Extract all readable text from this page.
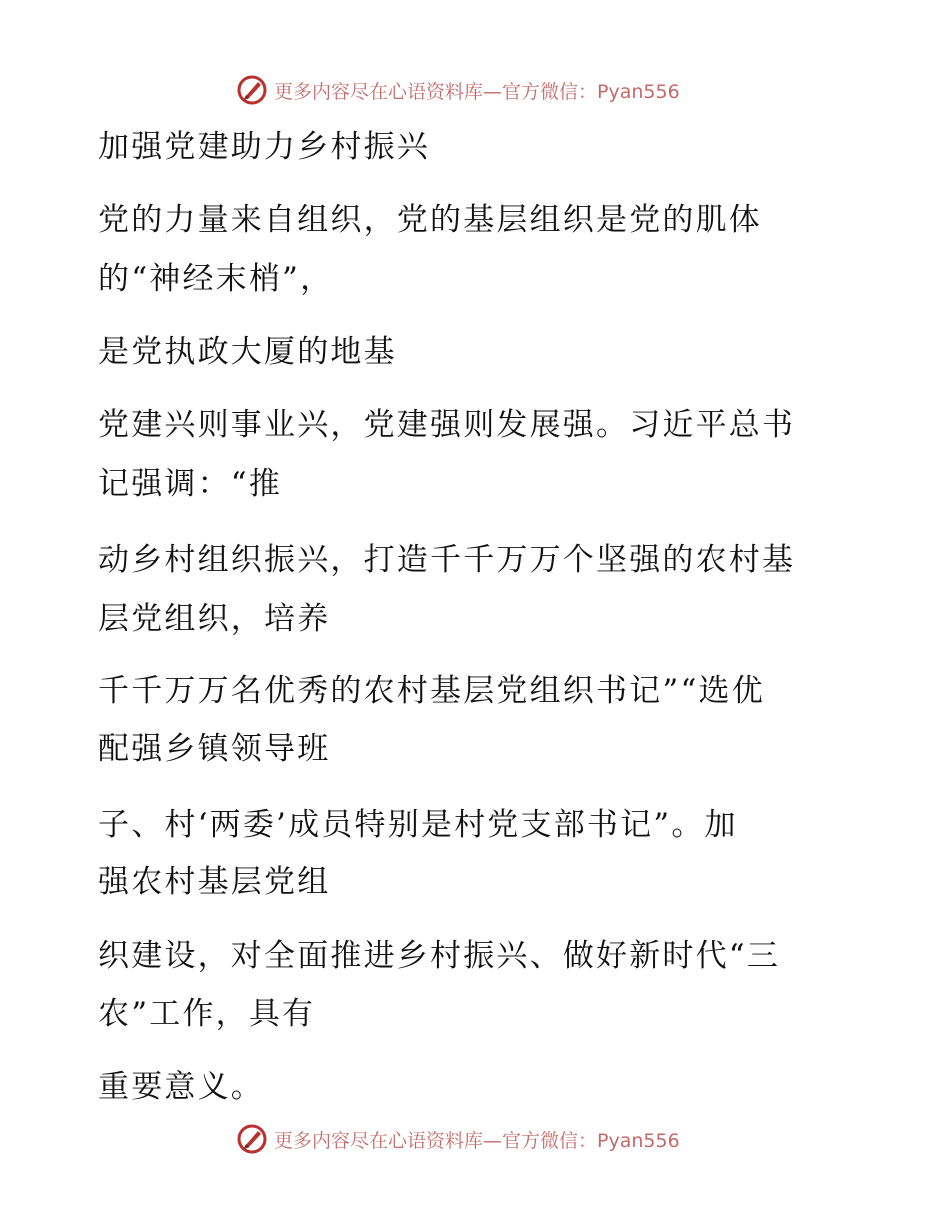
更多内容尽在心语资料库—官方微信：Pyan556
加强党建助力乡村振兴
党的力量来自组织，党的基层组织是党的肌体
的“神经末梢”，
是党执政大厦的地基
党建兴则事业兴，党建强则发展强。习近平总书
记强调：“推
动乡村组织振兴，打造千千万万个坚强的农村基
层党组织，培养
千千万万名优秀的农村基层党组织书记”“选优
配强乡镇领导班
子、村‘两委’成员特别是村党支部书记”。加
强农村基层党组
织建设，对全面推进乡村振兴、做好新时代“三
农”工作，具有
重要意义。
更多内容尽在心语资料库—官方微信：Pyan556
